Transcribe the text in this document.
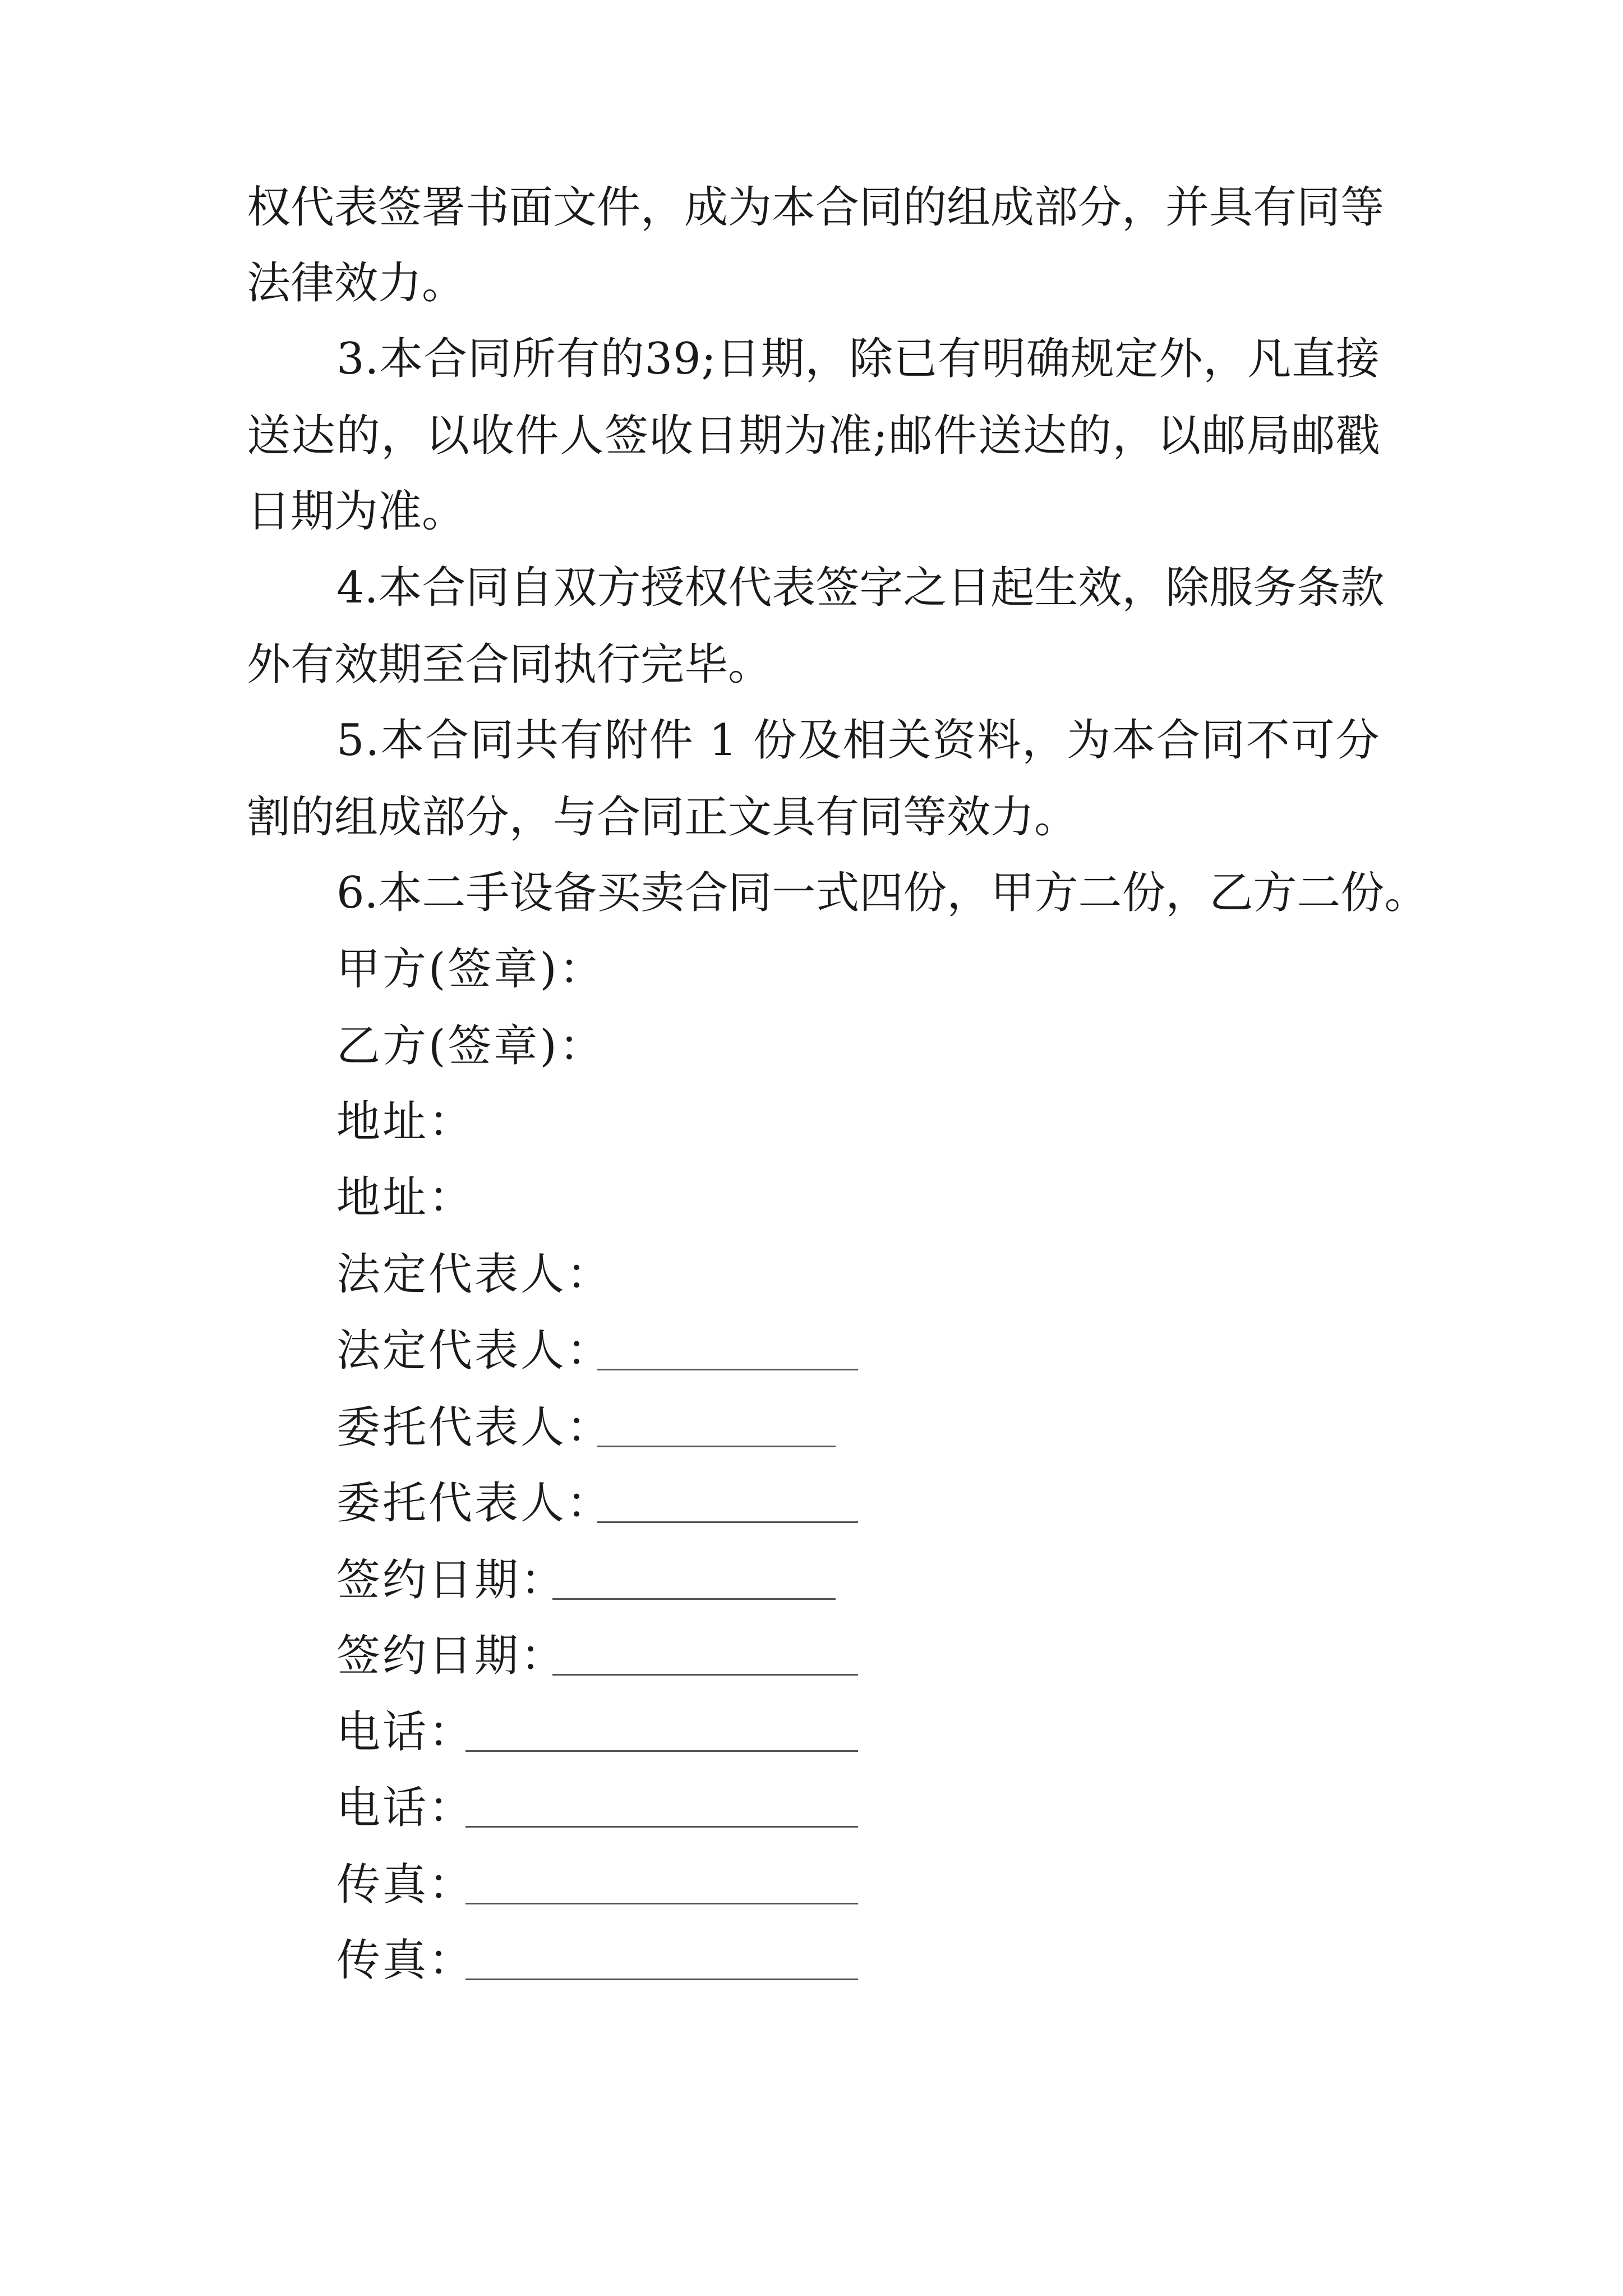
权代表签署书面文件，成为本合同的组成部分，并具有同等
法律效力。
3.本合同所有的39;日期，除已有明确规定外，凡直接
送达的，以收件人签收日期为准;邮件送达的，以邮局邮戳
日期为准。
4.本合同自双方授权代表签字之日起生效，除服务条款
外有效期至合同执行完毕。
5.本合同共有附件 1 份及相关资料，为本合同不可分
割的组成部分，与合同正文具有同等效力。
6.本二手设备买卖合同一式四份，甲方二份，乙方二份。
甲方(签章)：
乙方(签章)：
地址：
地址：
法定代表人：
法定代表人：
委托代表人：
委托代表人：
签约日期：
签约日期：
电话：
电话：
传真：
传真：
